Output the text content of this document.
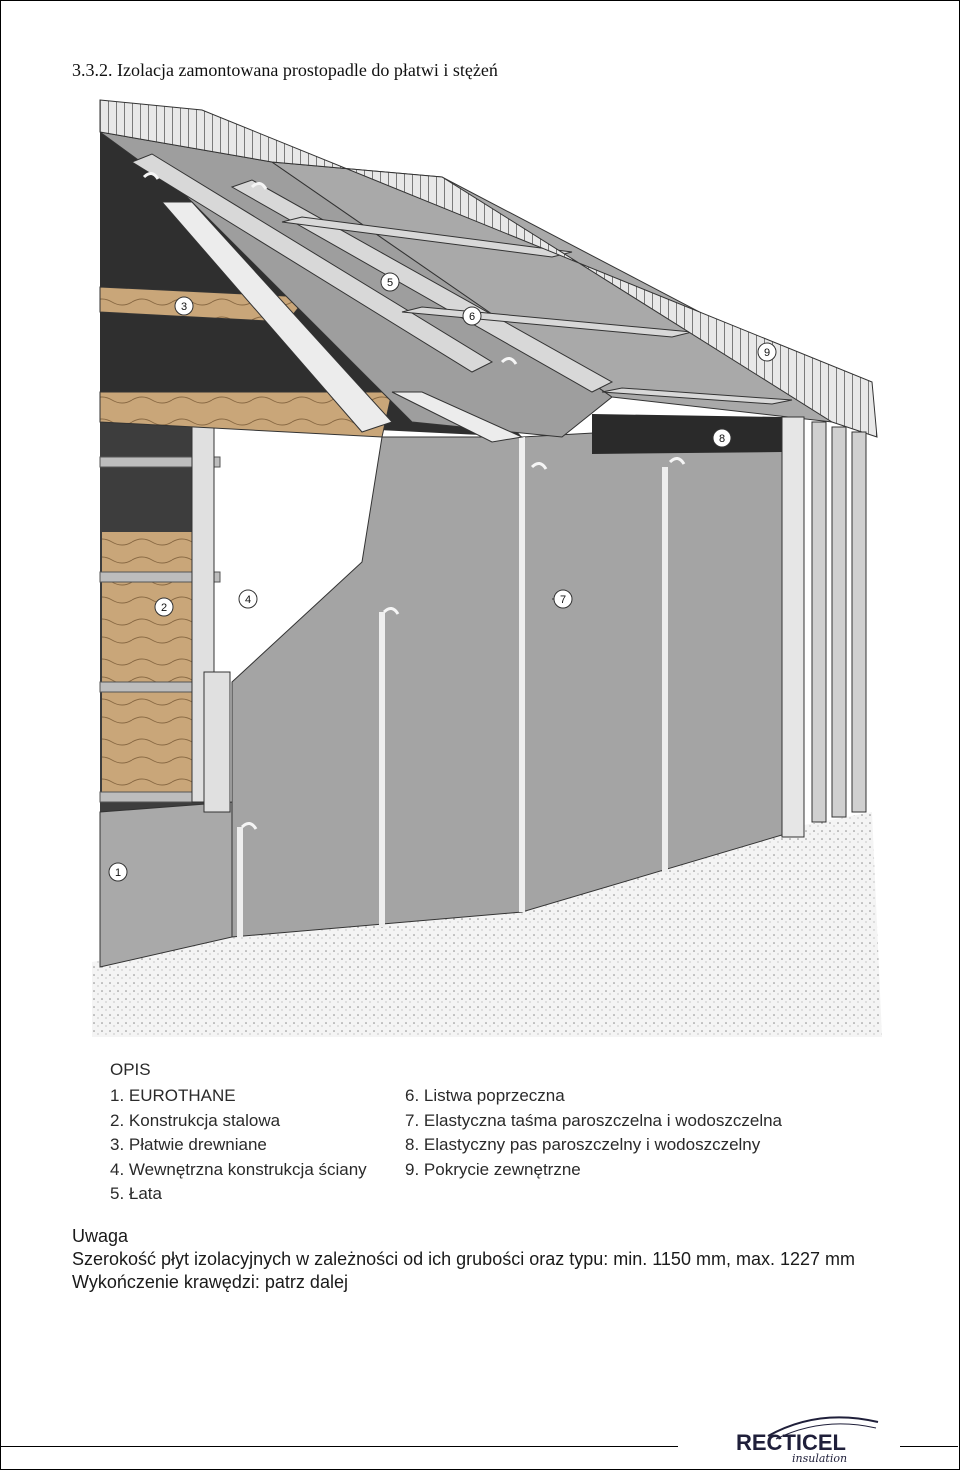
3.3.2. Izolacja zamontowana prostopadle do płatwi i stężeń
1
2
3
4
5
6
7
8
9
OPIS
1. EUROTHANE
2. Konstrukcja stalowa
3. Płatwie drewniane
4. Wewnętrzna konstrukcja ściany
5. Łata
6. Listwa poprzeczna
7. Elastyczna taśma paroszczelna i wodoszczelna
8. Elastyczny pas paroszczelny i wodoszczelny
9. Pokrycie zewnętrzne
Uwaga
Szerokość płyt izolacyjnych w zależności od ich grubości oraz typu: min. 1150 mm, max. 1227 mm
Wykończenie krawędzi: patrz dalej
RECTICEL
insulation
